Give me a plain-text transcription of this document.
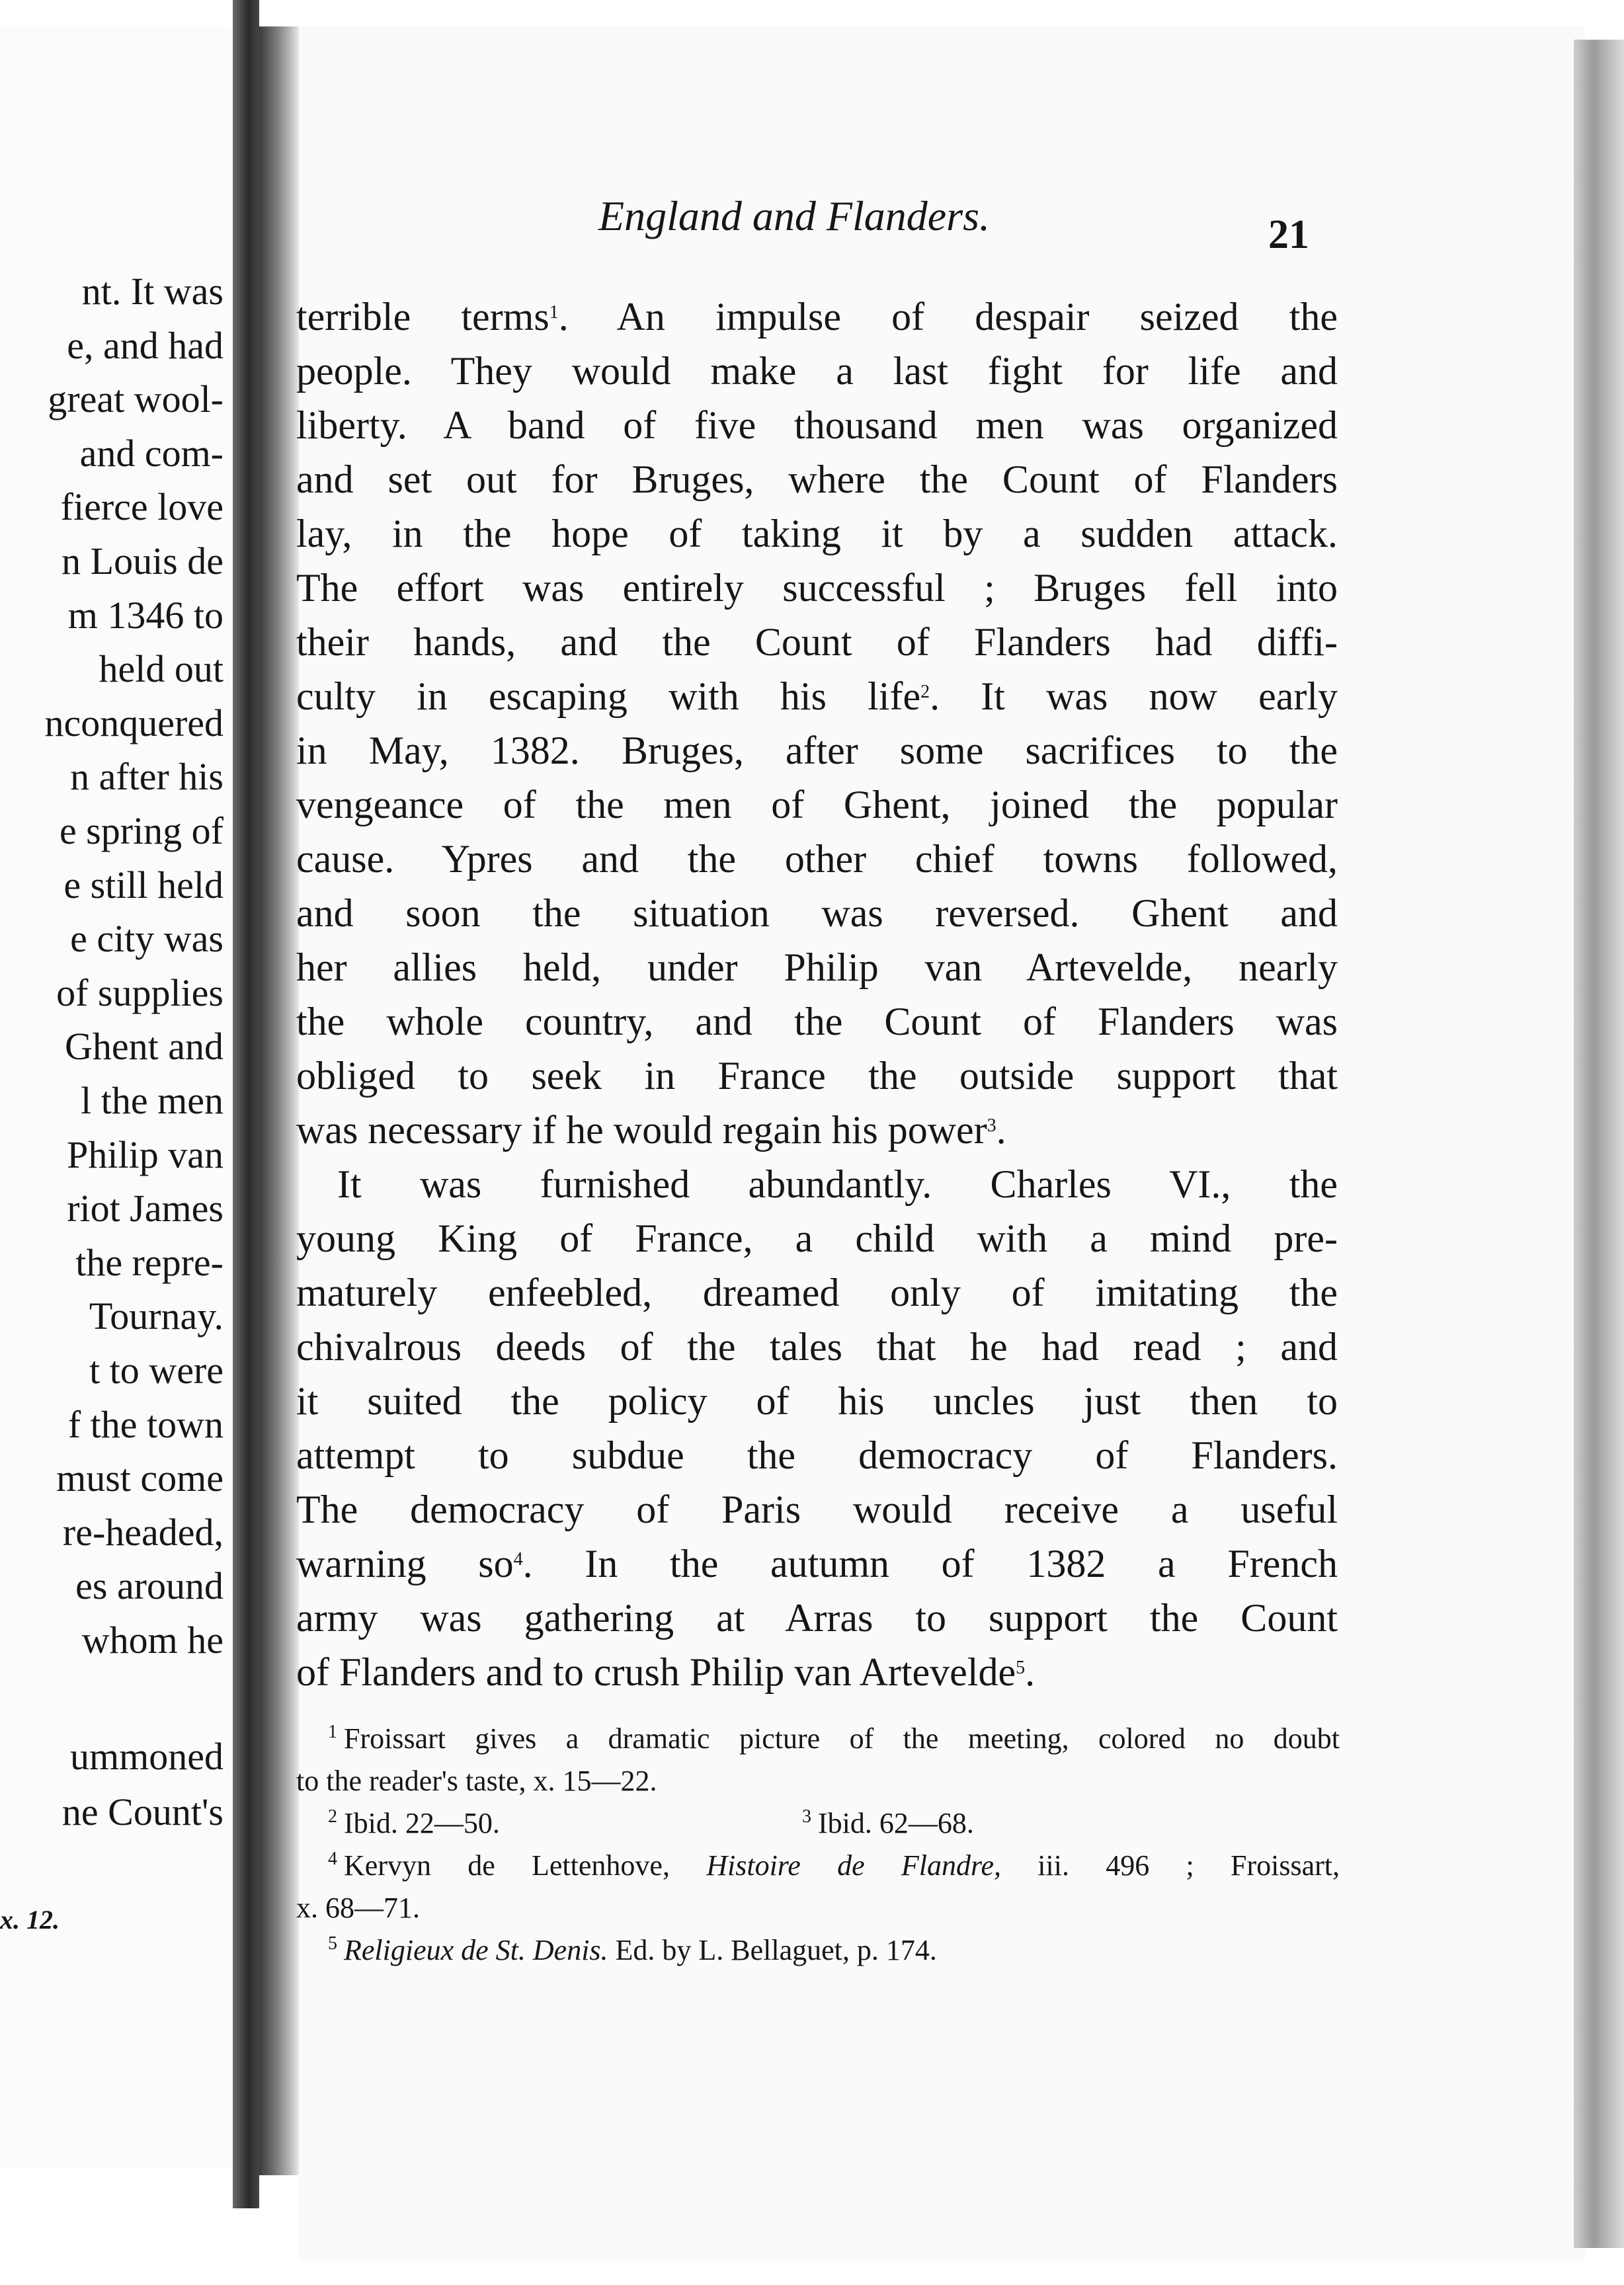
nt. It was
e, and had
great wool-
and com-
fierce love
n Louis de
m 1346 to
held out
nconquered
n after his
e spring of
e still held
e city was
of supplies
Ghent and
l the men
Philip van
riot James
the repre-
Tournay.
t to were
f the town
must come
re-headed,
es around
whom he
ummoned
ne Count's
x. 12.
England and Flanders.	21
terrible terms$^1$. An impulse of despair seized the
people. They would make a last fight for life and
liberty. A band of five thousand men was organized
and set out for Bruges, where the Count of Flanders
lay, in the hope of taking it by a sudden attack.
The effort was entirely successful ; Bruges fell into
their hands, and the Count of Flanders had diffi-
culty in escaping with his life$^2$. It was now early
in May, 1382. Bruges, after some sacrifices to the
vengeance of the men of Ghent, joined the popular
cause. Ypres and the other chief towns followed,
and soon the situation was reversed. Ghent and
her allies held, under Philip van Artevelde, nearly
the whole country, and the Count of Flanders was
obliged to seek in France the outside support that
was necessary if he would regain his power$^3$.
It was furnished abundantly. Charles VI., the
young King of France, a child with a mind pre-
maturely enfeebled, dreamed only of imitating the
chivalrous deeds of the tales that he had read ; and
it suited the policy of his uncles just then to
attempt to subdue the democracy of Flanders.
The democracy of Paris would receive a useful
warning $so^4$. In the autumn of 1382 a French
army was gathering at Arras to support the Count
of Flanders and to crush Philip van Artevelde$^5$.
$^1$ Froissart gives a dramatic picture of the meeting, colored no doubt
to the reader's taste, x. 15—22.
$^2$ Ibid. 22—50.	$^3$ Ibid. 62—68.
$^4$ Kervyn de Lettenhove, Histoire de Flandre, iii. 496 ; Froissart,
x. 68—71.
$^5$ Religieux de St. Denis. Ed. by L. Bellaguet, p. 174.
